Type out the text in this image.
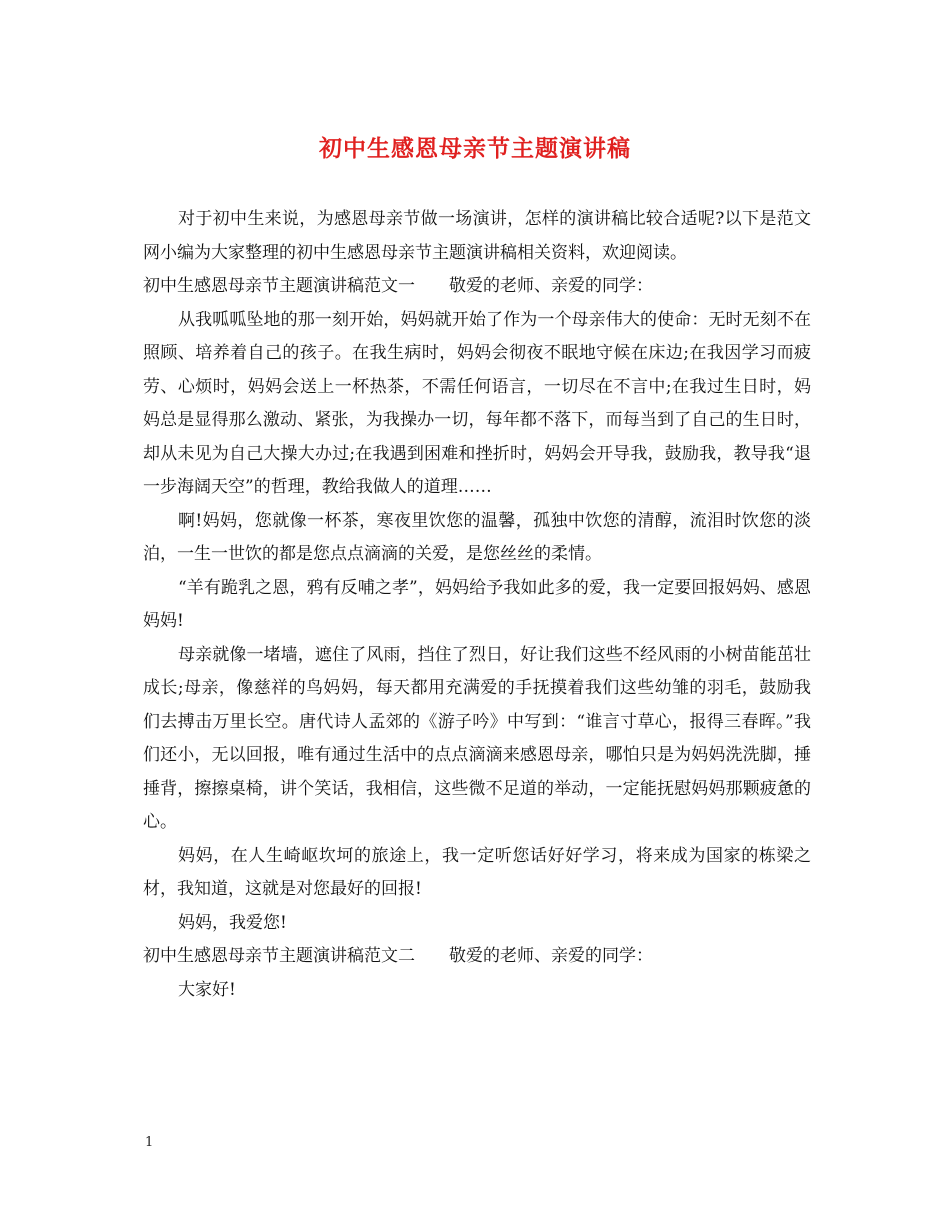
初中生感恩母亲节主题演讲稿

对于初中生来说，为感恩母亲节做一场演讲，怎样的演讲稿比较合适呢?以下是范文网小编为大家整理的初中生感恩母亲节主题演讲稿相关资料，欢迎阅读。

初中生感恩母亲节主题演讲稿范文一　　敬爱的老师、亲爱的同学：

从我呱呱坠地的那一刻开始，妈妈就开始了作为一个母亲伟大的使命：无时无刻不在照顾、培养着自己的孩子。在我生病时，妈妈会彻夜不眠地守候在床边;在我因学习而疲劳、心烦时，妈妈会送上一杯热茶，不需任何语言，一切尽在不言中;在我过生日时，妈妈总是显得那么激动、紧张，为我操办一切，每年都不落下，而每当到了自己的生日时，却从未见为自己大操大办过;在我遇到困难和挫折时，妈妈会开导我，鼓励我，教导我“退一步海阔天空”的哲理，教给我做人的道理……

啊!妈妈，您就像一杯茶，寒夜里饮您的温馨，孤独中饮您的清醇，流泪时饮您的淡泊，一生一世饮的都是您点点滴滴的关爱，是您丝丝的柔情。

“羊有跪乳之恩，鸦有反哺之孝”，妈妈给予我如此多的爱，我一定要回报妈妈、感恩妈妈!

母亲就像一堵墙，遮住了风雨，挡住了烈日，好让我们这些不经风雨的小树苗能茁壮成长;母亲，像慈祥的鸟妈妈，每天都用充满爱的手抚摸着我们这些幼雏的羽毛，鼓励我们去搏击万里长空。唐代诗人孟郊的《游子吟》中写到：“谁言寸草心，报得三春晖。”我们还小，无以回报，唯有通过生活中的点点滴滴来感恩母亲，哪怕只是为妈妈洗洗脚，捶捶背，擦擦桌椅，讲个笑话，我相信，这些微不足道的举动，一定能抚慰妈妈那颗疲惫的心。

妈妈，在人生崎岖坎坷的旅途上，我一定听您话好好学习，将来成为国家的栋梁之材，我知道，这就是对您最好的回报!

妈妈，我爱您!

初中生感恩母亲节主题演讲稿范文二　　敬爱的老师、亲爱的同学：

大家好!

1
